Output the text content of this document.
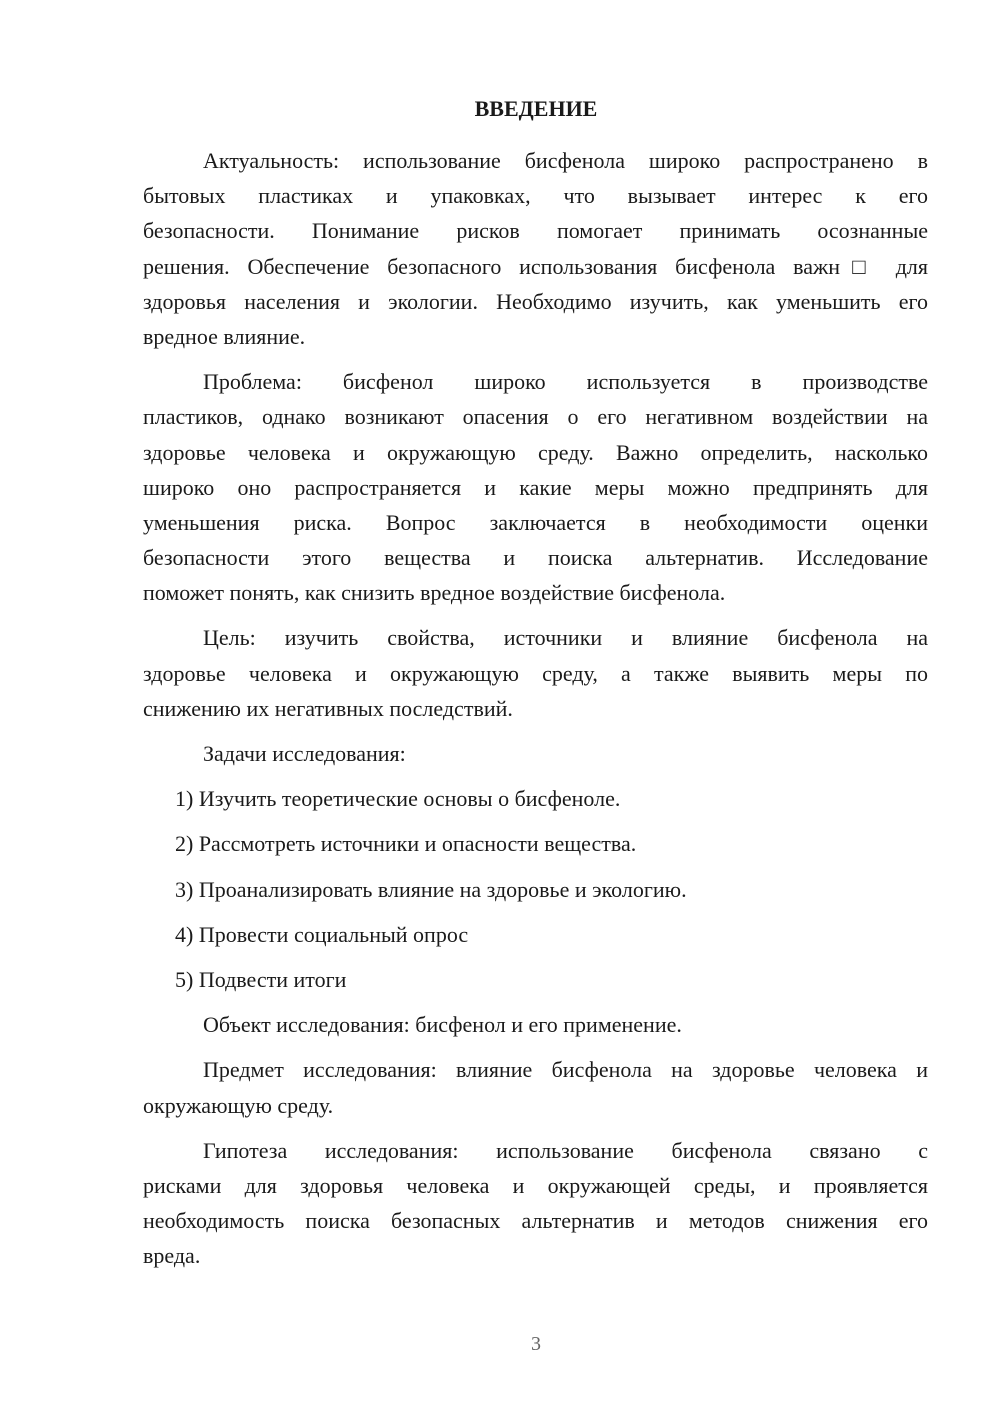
ВВЕДЕНИЕ
Актуальность: использование бисфенола широко распространено в
бытовых пластиках и упаковках, что вызывает интерес к его
безопасности. Понимание рисков помогает принимать осознанные
решения. Обеспечение безопасного использования бисфенола важн□ для
здоровья населения и экологии. Необходимо изучить, как уменьшить его
вредное влияние.
Проблема: бисфенол широко используется в производстве
пластиков, однако возникают опасения о его негативном воздействии на
здоровье человека и окружающую среду. Важно определить, насколько
широко оно распространяется и какие меры можно предпринять для
уменьшения риска. Вопрос заключается в необходимости оценки
безопасности этого вещества и поиска альтернатив. Исследование
поможет понять, как снизить вредное воздействие бисфенола.
Цель: изучить свойства, источники и влияние бисфенола на
здоровье человека и окружающую среду, а также выявить меры по
снижению их негативных последствий.
Задачи исследования:
1) Изучить теоретические основы о бисфеноле.
2) Рассмотреть источники и опасности вещества.
3) Проанализировать влияние на здоровье и экологию.
4) Провести социальный опрос
5) Подвести итоги
Объект исследования: бисфенол и его применение.
Предмет исследования: влияние бисфенола на здоровье человека и
окружающую среду.
Гипотеза исследования: использование бисфенола связано с
рисками для здоровья человека и окружающей среды, и проявляется
необходимость поиска безопасных альтернатив и методов снижения его
вреда.
3
